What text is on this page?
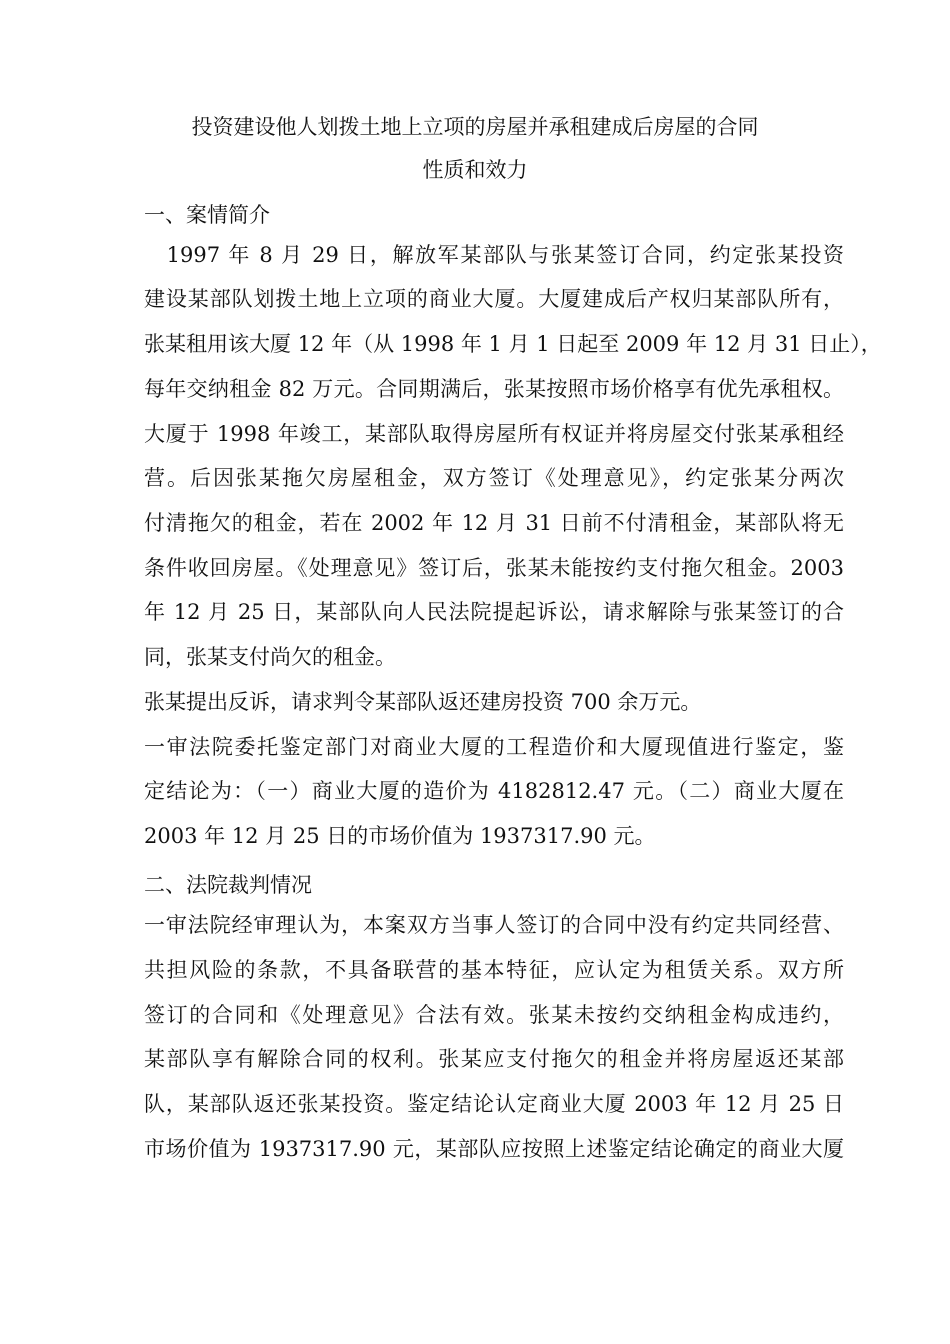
投资建设他人划拨土地上立项的房屋并承租建成后房屋的合同
性质和效力
一、案情简介
　1997 年 8 月 29 日，解放军某部队与张某签订合同，约定张某投资
建设某部队划拨土地上立项的商业大厦。大厦建成后产权归某部队所有，
张某租用该大厦 12 年（从 1998 年 1 月 1 日起至 2009 年 12 月 31 日止），
每年交纳租金 82 万元。合同期满后，张某按照市场价格享有优先承租权。
大厦于 1998 年竣工，某部队取得房屋所有权证并将房屋交付张某承租经
营。后因张某拖欠房屋租金，双方签订《处理意见》，约定张某分两次
付清拖欠的租金，若在 2002 年 12 月 31 日前不付清租金，某部队将无
条件收回房屋。《处理意见》签订后，张某未能按约支付拖欠租金。2003
年 12 月 25 日，某部队向人民法院提起诉讼，请求解除与张某签订的合
同，张某支付尚欠的租金。
张某提出反诉，请求判令某部队返还建房投资 700 余万元。
一审法院委托鉴定部门对商业大厦的工程造价和大厦现值进行鉴定，鉴
定结论为：（一）商业大厦的造价为 4182812.47 元。（二）商业大厦在
2003 年 12 月 25 日的市场价值为 1937317.90 元。
二、法院裁判情况
一审法院经审理认为，本案双方当事人签订的合同中没有约定共同经营、
共担风险的条款，不具备联营的基本特征，应认定为租赁关系。双方所
签订的合同和《处理意见》合法有效。张某未按约交纳租金构成违约，
某部队享有解除合同的权利。张某应支付拖欠的租金并将房屋返还某部
队，某部队返还张某投资。鉴定结论认定商业大厦 2003 年 12 月 25 日
市场价值为 1937317.90 元，某部队应按照上述鉴定结论确定的商业大厦
